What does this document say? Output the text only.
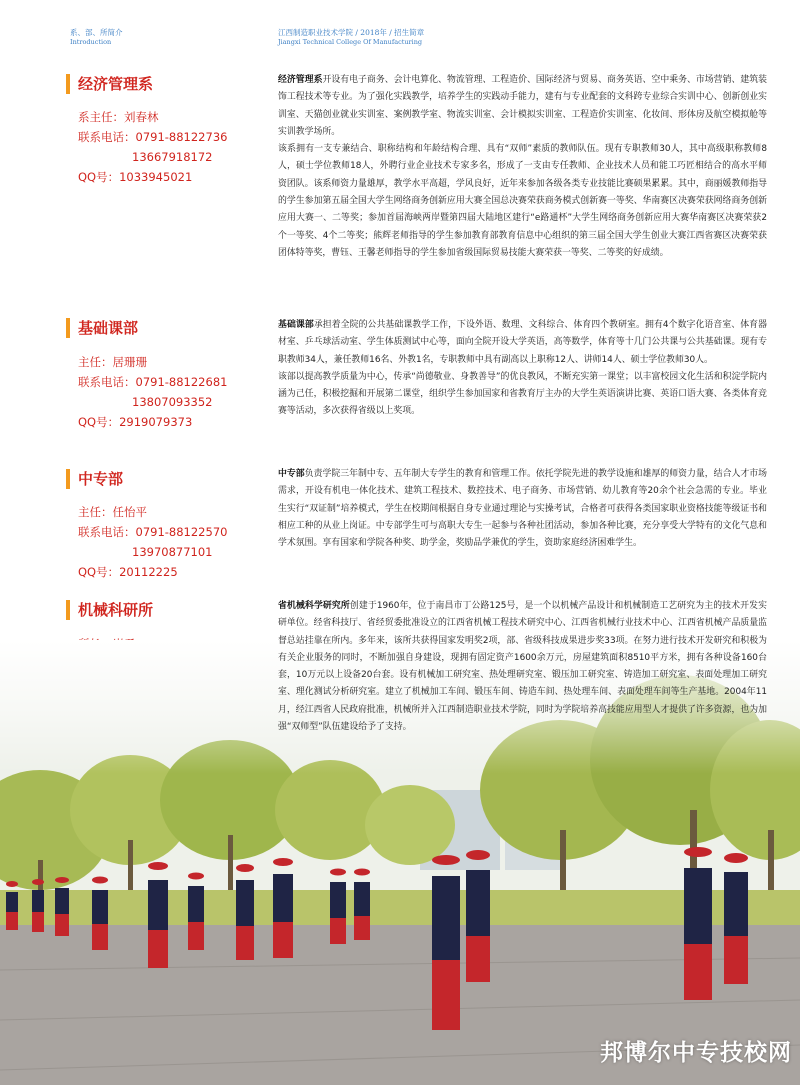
系、部、所简介
Introduction
江西制造职业技术学院 / 2018年 / 招生简章
Jiangxi Technical College Of Manufacturing
经济管理系
系主任：刘春林
联系电话：0791-88122736
13667918172
QQ号：1033945021

经济管理系开设有电子商务、会计电算化、物流管理、工程造价、国际经济与贸易、商务英语、空中乘务、市场营销、建筑装饰工程技术等专业。为了强化实践教学，培养学生的实践动手能力，建有与专业配套的文科跨专业综合实训中心、创新创业实训室、天猫创业就业实训室、案例教学室、物流实训室、会计模拟实训室、工程造价实训室、化妆间、形体房及航空模拟舱等实训教学场所。

该系拥有一支专兼结合、职称结构和年龄结构合理、具有“双师”素质的教师队伍。现有专职教师30人，其中高级职称教师8人，硕士学位教师18人，外聘行业企业技术专家多名，形成了一支由专任教师、企业技术人员和能工巧匠相结合的高水平师资团队。该系师资力量雄厚，教学水平高超，学风良好，近年来参加各级各类专业技能比赛硕果累累。其中，商丽媛教师指导的学生参加第五届全国大学生网络商务创新应用大赛全国总决赛荣获商务模式创新赛一等奖、华南赛区决赛荣获网络商务创新应用大赛一、二等奖；参加首届海峡两岸暨第四届大陆地区建行“e路通杯”大学生网络商务创新应用大赛华南赛区决赛荣获2个一等奖、4个二等奖；熊辉老师指导的学生参加教育部教育信息中心组织的第三届全国大学生创业大赛江西省赛区决赛荣获团体特等奖，曹钰、王馨老师指导的学生参加省级国际贸易技能大赛荣获一等奖、二等奖的好成绩。

基础课部
主任：居珊珊
联系电话：0791-88122681
13807093352
QQ号：2919079373

基础课部承担着全院的公共基础课教学工作，下设外语、数理、文科综合、体育四个教研室。拥有4个数字化语音室、体育器材室、乒乓球活动室、学生体质测试中心等，面向全院开设大学英语，高等数学，体育等十几门公共课与公共基础课。现有专职教师34人，兼任教师16名、外教1名，专职教师中具有副高以上职称12人、讲师14人、硕士学位教师30人。

该部以提高教学质量为中心，传承“尚德敬业、身教善导”的优良教风，不断充实第一课堂；以丰富校园文化生活和积淀学院内涵为己任，积极挖掘和开展第二课堂，组织学生参加国家和省教育厅主办的大学生英语演讲比赛、英语口语大赛、各类体育竞赛等活动，多次获得省级以上奖项。

中专部
主任：任怡平
联系电话：0791-88122570
13970877101
QQ号：20112225

中专部负责学院三年制中专、五年制大专学生的教育和管理工作。依托学院先进的教学设施和雄厚的师资力量，结合人才市场需求，开设有机电一体化技术、建筑工程技术、数控技术、电子商务、市场营销、幼儿教育等20余个社会急需的专业。毕业生实行“双证制”培养模式，学生在校期间根据自身专业通过理论与实操考试，合格者可获得各类国家职业资格技能等级证书和相应工种的从业上岗证。中专部学生可与高职大专生一起参与各种社团活动，参加各种比赛，充分享受大学特有的文化气息和学术氛围。享有国家和学院各种奖、助学金，奖励品学兼优的学生，资助家庭经济困难学生。

机械科研所
邦博尔中专技校网

省机械科学研究所创建于1960年，位于南昌市丁公路125号，是一个以机械产品设计和机械制造工艺研究为主的技术开发实研单位。经省科技厅、省经贸委批准设立的江西省机械工程技术研究中心、江西省机械行业技术中心、江西省机械产品质量监督总站挂靠在所内。多年来，该所共获得国家发明奖2项，部、省级科技成果进步奖33项。在努力进行技术开发研究和积极为有关企业服务的同时，不断加强自身建设，现拥有固定资产1600余万元，房屋建筑面积8510平方米，拥有各种设备160台套，10万元以上设备20台套。设有机械加工研究室、热处理研究室、锻压加工研究室、铸造加工研究室、表面处理加工研究室、理化测试分析研究室。建立了机械加工车间、锻压车间、铸造车间、热处理车间、表面处理车间等生产基地。2004年11月，经江西省人民政府批准，机械所并入江西制造职业技术学院，同时为学院培养高技能应用型人才提供了许多资源，也为加强“双师型”队伍建设给予了支持。
